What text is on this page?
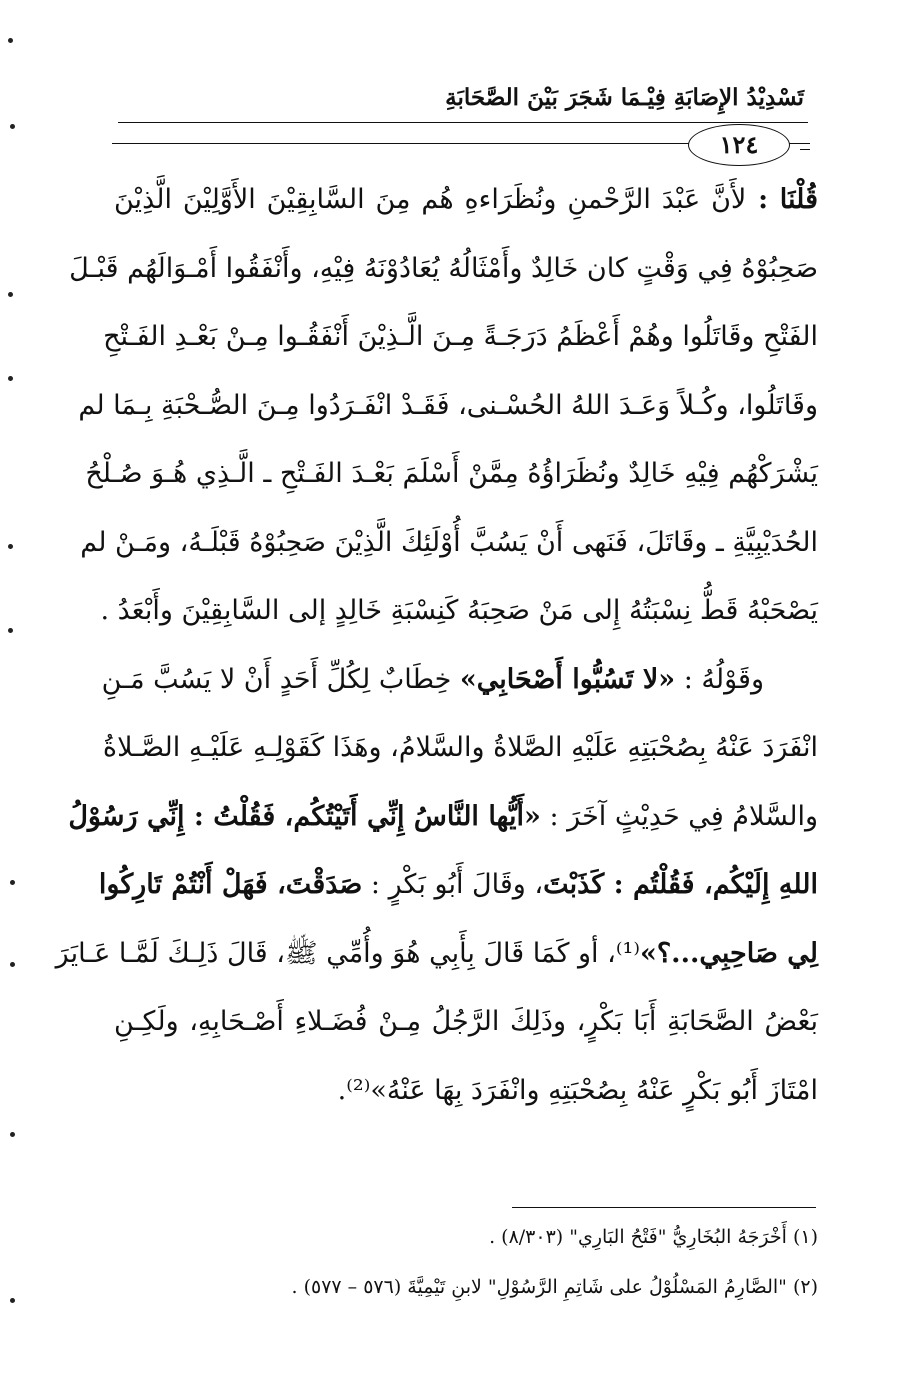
تَسْدِيْدُ الإِصَابَةِ فِيْـمَا شَجَرَ بَيْنَ الصَّحَابَةِ
١٢٤
قُلْنَا : لأَنَّ عَبْدَ الرَّحْمنِ ونُظَرَاءهِ هُم مِنَ السَّابِقِيْنَ الأَوَّلِيْنَ الَّذِيْنَ
صَحِبُوْهُ فِي وَقْتٍ كان خَالِدٌ وأَمْثَالُهُ يُعَادُوْنَهُ فِيْهِ، وأَنْفَقُوا أَمْـوَالَهُم قَبْـلَ
الفَتْحِ وقَاتَلُوا وهُمْ أَعْظَمُ دَرَجَـةً مِـنَ الَّـذِيْنَ أَنْفَقُـوا مِـنْ بَعْـدِ الفَـتْحِ
وقَاتَلُوا، وكُـلاً وَعَـدَ اللهُ الحُسْـنى، فَقَـدْ انْفَـرَدُوا مِـنَ الصُّـحْبَةِ بِـمَا لم
يَشْرَكْهُم فِيْهِ خَالِدٌ ونُظَرَاؤُهُ مِمَّنْ أَسْلَمَ بَعْـدَ الفَـتْحِ ـ الَّـذِي هُـوَ صُـلْحُ
الحُدَيْبِيَّةِ ـ وقَاتَلَ، فَنَهى أَنْ يَسُبَّ أُوْلَئِكَ الَّذِيْنَ صَحِبُوْهُ قَبْلَـهُ، ومَـنْ لم
يَصْحَبْهُ قَطُّ نِسْبَتُهُ إِلى مَنْ صَحِبَهُ كَنِسْبَةِ خَالِدٍ إلى السَّابِقِيْنَ وأَبْعَدُ .
وقَوْلُهُ : «لا تَسُبُّوا أَصْحَابِي» خِطَابٌ لِكُلِّ أَحَدٍ أَنْ لا يَسُبَّ مَـنِ
انْفَرَدَ عَنْهُ بِصُحْبَتِهِ عَلَيْهِ الصَّلاةُ والسَّلامُ، وهَذَا كَقَوْلِـهِ عَلَيْـهِ الصَّـلاةُ
والسَّلامُ فِي حَدِيْثٍ آخَرَ : «أَيُّها النَّاسُ إِنِّي أَتَيْتُكُم، فَقُلْتُ : إِنِّي رَسُوْلُ
اللهِ إِلَيْكُم، فَقُلْتُم : كَذَبْتَ، وقَالَ أَبُو بَكْرٍ : صَدَقْتَ، فَهَلْ أَنْتُمْ تَارِكُوا
لِي صَاحِبِي...؟»⁽¹⁾، أو كَمَا قَالَ بِأَبِي هُوَ وأُمِّي ﷺ، قَالَ ذَلِـكَ لَمَّـا عَـايَرَ
بَعْضُ الصَّحَابَةِ أَبَا بَكْرٍ، وذَلِكَ الرَّجُلُ مِـنْ فُضَـلاءِ أَصْـحَابِهِ، ولَكِـنِ
امْتَازَ أَبُو بَكْرٍ عَنْهُ بِصُحْبَتِهِ وانْفَرَدَ بِهَا عَنْهُ»⁽²⁾.
(١) أَخْرَجَهُ البُخَارِيُّ "فَتْحُ البَارِي" (٨/٣٠٣) .
(٢) "الصَّارِمُ المَسْلُوْلُ على شَاتِمِ الرَّسُوْلِ" لابنِ تَيْمِيَّةَ (٥٧٦ – ٥٧٧) .
